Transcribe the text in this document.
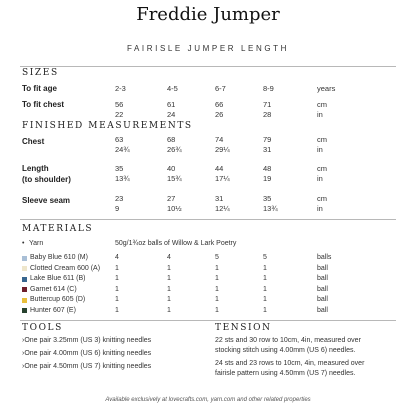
Freddie Jumper
FAIRISLE JUMPER LENGTH
SIZES
To fit age	2-3	4-5	6-7	8-9	years
To fit chest	56	61	66	71	cm
22	24	26	28	in
FINISHED MEASUREMENTS
Chest	63	68	74	79	cm
24¾	26¾	29¼	31	in
Length
(to shoulder)
35	40	44	48	cm
13¾	15¾	17¼	19	in
Sleeve seam	23	27	31	35	cm
9	10½	12¼	13¾	in
MATERIALS
• Yarn	50g/1¾oz balls of Willow & Lark Poetry
Baby Blue 610 (M)	4	4	5	5	balls
Clotted Cream 600 (A) 1	1	1	1	ball
Lake Blue 611 (B)	1	1	1	1	ball
Garnet 614 (C)	1	1	1	1	ball
Buttercup 605 (D)	1	1	1	1	ball
Hunter 607 (E)	1	1	1	1	ball
TOOLS
›One pair 3.25mm (US 3) knitting needles
›One pair 4.00mm (US 6) knitting needles
›One pair 4.50mm (US 7) knitting needles
TENSION
22 sts and 30 row to 10cm, 4in, measured over
stocking stitch using 4.00mm (US 6) needles.
24 sts and 23 rows to 10cm, 4in, measured over
fairisle pattern using 4.50mm (US 7) needles.
Available exclusively at lovecrafts.com, yarn.com and other related properties
